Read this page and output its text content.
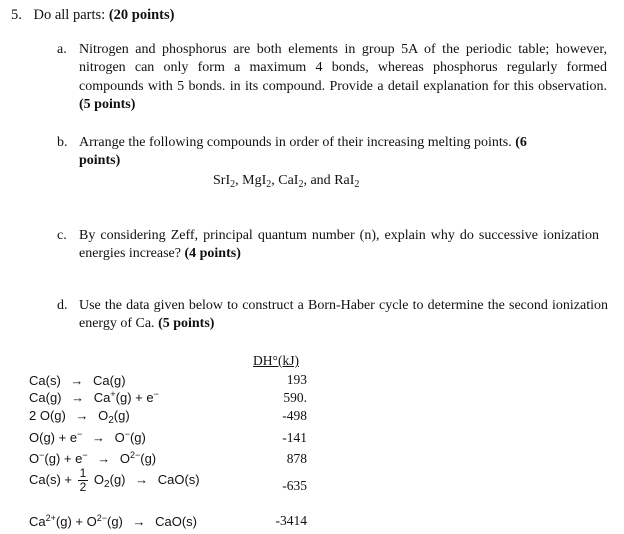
5. Do all parts: (20 points)
a. Nitrogen and phosphorus are both elements in group 5A of the periodic table; however, nitrogen can only form a maximum 4 bonds, whereas phosphorus regularly formed compounds with 5 bonds. in its compound. Provide a detail explanation for this observation. (5 points)
b. Arrange the following compounds in order of their increasing melting points. (6
points)
SrI$_2$, MgI$_2$, CaI$_2$, and RaI$_2$
c. By considering Zeff, principal quantum number (n), explain why do successive ionization energies increase? (4 points)
d. Use the data given below to construct a Born-Haber cycle to determine the second ionization energy of Ca. (5 points)
DH°(kJ)
Ca(s) → Ca(g)	193
Ca(g) → Ca+(g) + e−	590.
2 $O(g) \to O_2(g)$	-498
O(g) + e− → O−(g)	-141
$O^-(g) + e^- \to O^{2-}(g)$	878
$Ca(s) + \frac{1}{2} O_2(g) \to CaO(s)$	-635
$Ca^{2+}(g) + O^{2-}(g) \to CaO(s)$	-3414
